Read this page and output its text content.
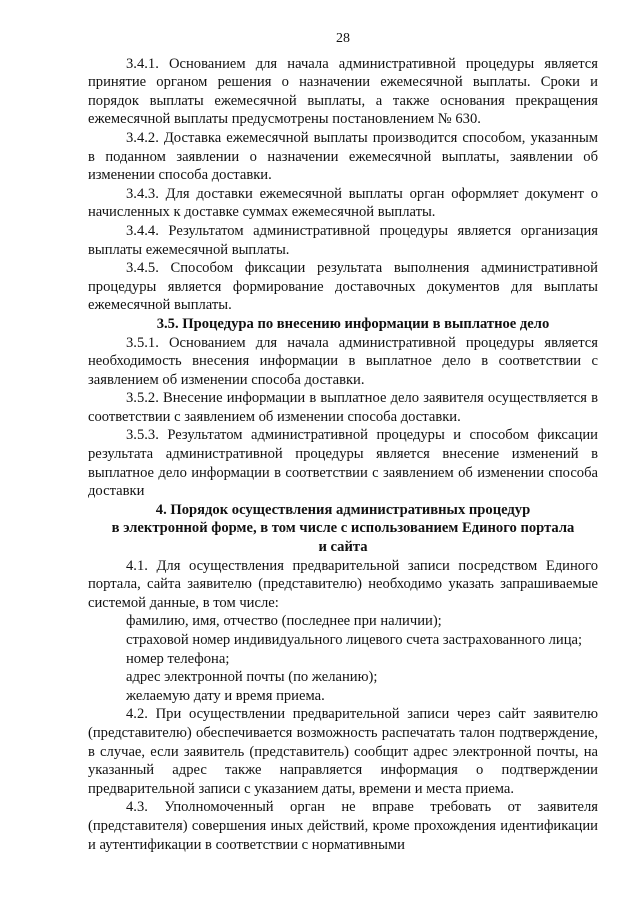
28

3.4.1. Основанием для начала административной процедуры является принятие органом решения о назначении ежемесячной выплаты. Сроки и порядок выплаты ежемесячной выплаты, а также основания прекращения ежемесячной выплаты предусмотрены постановлением № 630.

3.4.2. Доставка ежемесячной выплаты производится способом, указанным в поданном заявлении о назначении ежемесячной выплаты, заявлении об изменении способа доставки.

3.4.3. Для доставки ежемесячной выплаты орган оформляет документ о начисленных к доставке суммах ежемесячной выплаты.

3.4.4. Результатом административной процедуры является организация выплаты ежемесячной выплаты.

3.4.5. Способом фиксации результата выполнения административной процедуры является формирование доставочных документов для выплаты ежемесячной выплаты.

3.5. Процедура по внесению информации в выплатное дело

3.5.1. Основанием для начала административной процедуры является необходимость внесения информации в выплатное дело в соответствии с заявлением об изменении способа доставки.

3.5.2. Внесение информации в выплатное дело заявителя осуществляется в соответствии с заявлением об изменении способа доставки.

3.5.3. Результатом административной процедуры и способом фиксации результата административной процедуры является внесение изменений в выплатное дело информации в соответствии с заявлением об изменении способа доставки

4. Порядок осуществления административных процедур
в электронной форме, в том числе с использованием Единого портала
и сайта

4.1. Для осуществления предварительной записи посредством Единого портала, сайта заявителю (представителю) необходимо указать запрашиваемые системой данные, в том числе:

фамилию, имя, отчество (последнее при наличии);

страховой номер индивидуального лицевого счета застрахованного лица;

номер телефона;

адрес электронной почты (по желанию);

желаемую дату и время приема.

4.2. При осуществлении предварительной записи через сайт заявителю (представителю) обеспечивается возможность распечатать талон подтверждение, в случае, если заявитель (представитель) сообщит адрес электронной почты, на указанный адрес также направляется информация о подтверждении предварительной записи с указанием даты, времени и места приема.

4.3. Уполномоченный орган не вправе требовать от заявителя (представителя) совершения иных действий, кроме прохождения идентификации и аутентификации в соответствии с нормативными
